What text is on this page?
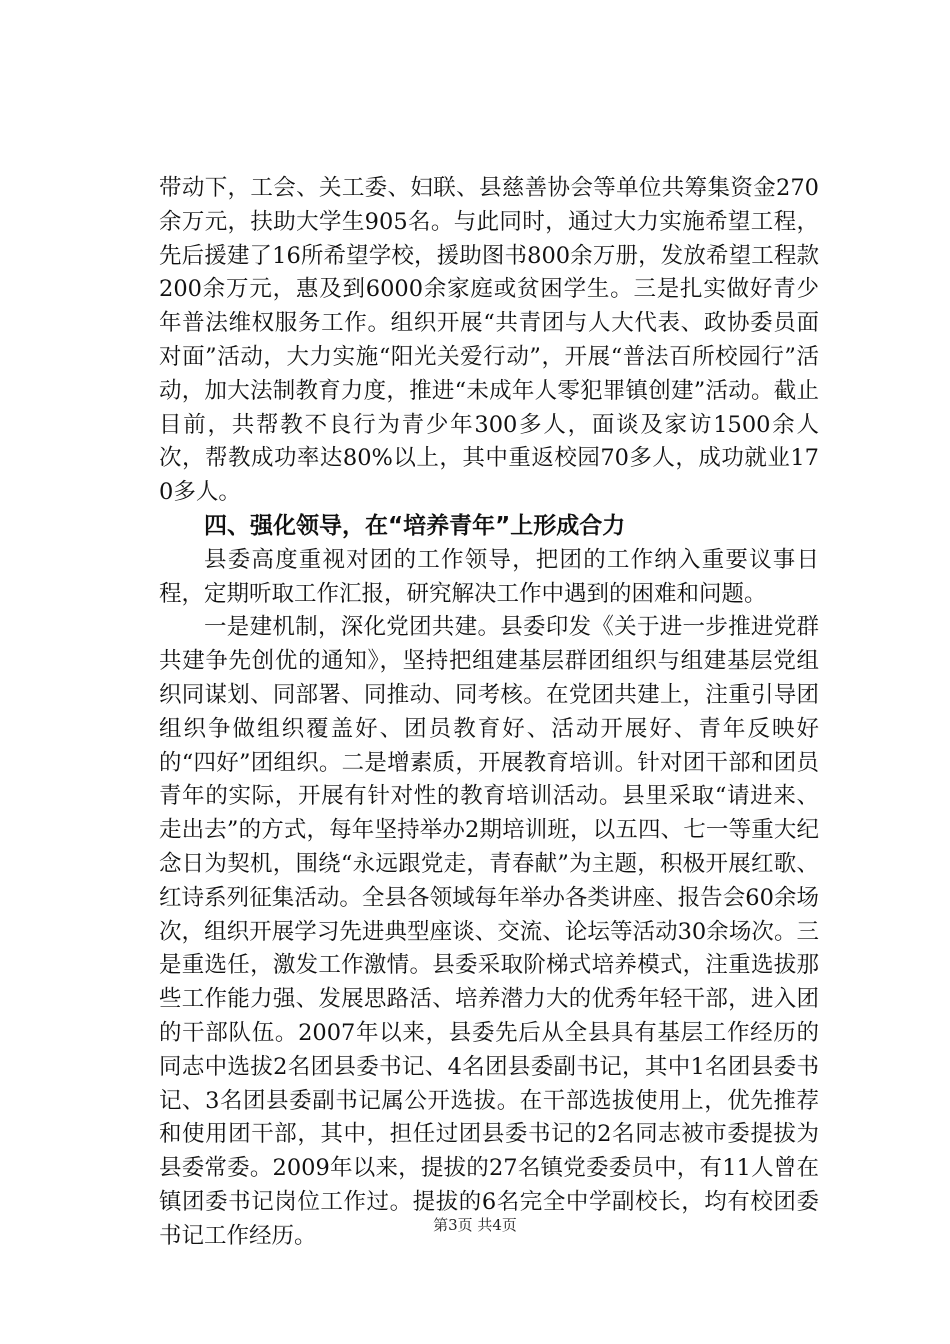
带动下，工会、关工委、妇联、县慈善协会等单位共筹集资金270余万元，扶助大学生905名。与此同时，通过大力实施希望工程，先后援建了16所希望学校，援助图书800余万册，发放希望工程款200余万元，惠及到6000余家庭或贫困学生。三是扎实做好青少年普法维权服务工作。组织开展“共青团与人大代表、政协委员面对面”活动，大力实施“阳光关爱行动”，开展“普法百所校园行”活动，加大法制教育力度，推进“未成年人零犯罪镇创建”活动。截止目前，共帮教不良行为青少年300多人，面谈及家访1500余人次，帮教成功率达80%以上，其中重返校园70多人，成功就业170多人。

四、强化领导，在“培养青年”上形成合力

县委高度重视对团的工作领导，把团的工作纳入重要议事日程，定期听取工作汇报，研究解决工作中遇到的困难和问题。

一是建机制，深化党团共建。县委印发《关于进一步推进党群共建争先创优的通知》，坚持把组建基层群团组织与组建基层党组织同谋划、同部署、同推动、同考核。在党团共建上，注重引导团组织争做组织覆盖好、团员教育好、活动开展好、青年反映好的“四好”团组织。二是增素质，开展教育培训。针对团干部和团员青年的实际，开展有针对性的教育培训活动。县里采取“请进来、走出去”的方式，每年坚持举办2期培训班，以五四、七一等重大纪念日为契机，围绕“永远跟党走，青春献”为主题，积极开展红歌、红诗系列征集活动。全县各领域每年举办各类讲座、报告会60余场次，组织开展学习先进典型座谈、交流、论坛等活动30余场次。三是重选任，激发工作激情。县委采取阶梯式培养模式，注重选拔那些工作能力强、发展思路活、培养潜力大的优秀年轻干部，进入团的干部队伍。2007年以来，县委先后从全县具有基层工作经历的同志中选拔2名团县委书记、4名团县委副书记，其中1名团县委书记、3名团县委副书记属公开选拔。在干部选拔使用上，优先推荐和使用团干部，其中，担任过团县委书记的2名同志被市委提拔为县委常委。2009年以来，提拔的27名镇党委委员中，有11人曾在镇团委书记岗位工作过。提拔的6名完全中学副校长，均有校团委书记工作经历。	第3页 共4页
